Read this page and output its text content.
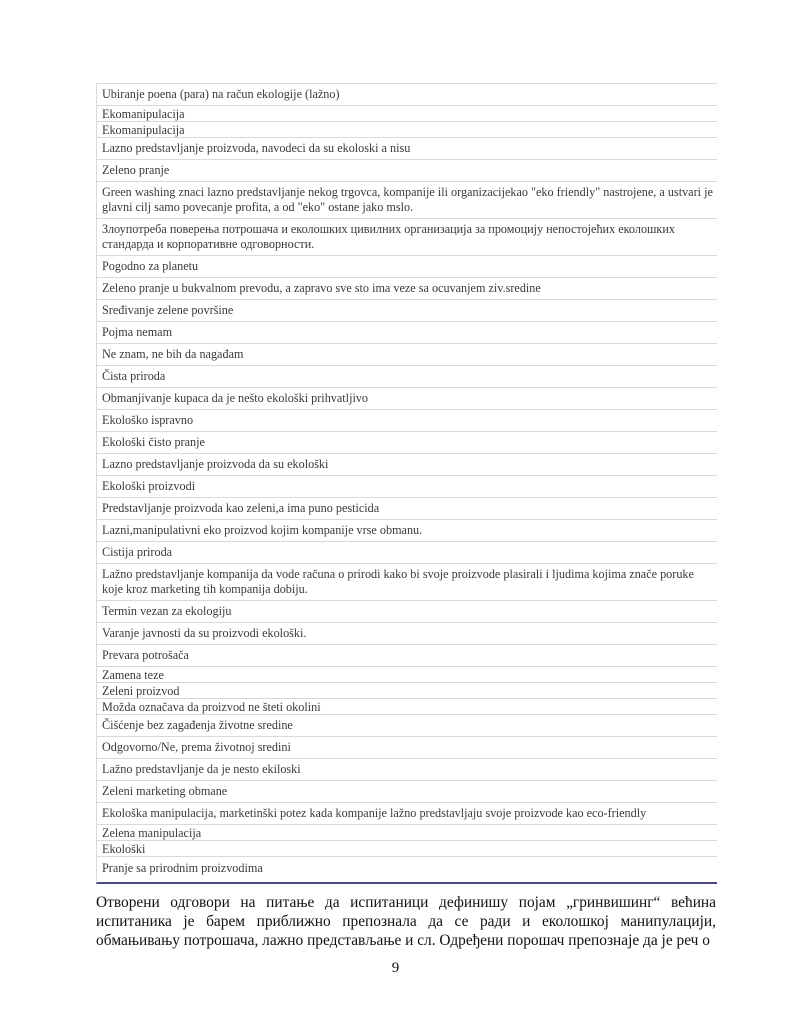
Ubiranje poena (para) na račun ekologije (lažno)
Ekomanipulacija
Ekomanipulacija
Lazno predstavljanje proizvoda, navodeci da su ekoloski a nisu
Zeleno pranje
Green washing znaci lazno predstavljanje nekog trgovca, kompanije ili organizacijekao "eko friendly" nastrojene, a ustvari je glavni cilj samo povecanje profita, a od "eko" ostane jako mslo.
Злоупотреба поверења потрошача и еколошких цивилних организација за промоцију непостојећих еколошких стандарда и корпоративне одговорности.
Pogodno za planetu
Zeleno pranje u bukvalnom prevodu, a zapravo sve sto ima veze sa ocuvanjem ziv.sredine
Sređivanje zelene površine
Pojma nemam
Ne znam, ne bih da nagađam
Čista priroda
Obmanjivanje kupaca da je nešto ekološki prihvatljivo
Ekološko ispravno
Ekološki čisto pranje
Lazno predstavljanje proizvoda da su ekološki
Ekološki proizvodi
Predstavljanje proizvoda kao zeleni,a ima puno pesticida
Lazni,manipulativni eko proizvod kojim kompanije vrse obmanu.
Cistija priroda
Lažno predstavljanje kompanija da vode računa o prirodi kako bi svoje proizvode plasirali i ljudima kojima znače poruke koje kroz marketing tih kompanija dobiju.
Termin vezan za ekologiju
Varanje javnosti da su proizvodi ekološki.
Prevara potrošača
Zamena teze
Zeleni proizvod
Možda označava da proizvod ne šteti okolini
Čišćenje bez zagađenja životne sredine
Odgovorno/Ne, prema životnoj sredini
Lažno predstavljanje da je nesto ekiloski
Zeleni marketing obmane
Ekološka manipulacija, marketinški potez kada kompanije lažno predstavljaju svoje proizvode kao eco-friendly
Zelena manipulacija
Ekološki
Pranje sa prirodnim proizvodima

Отворени одговори на питање да испитаници дефинишу појам „гринвишинг“ већина испитаника је барем приближно препознала да се ради и еколошкој манипулацији, обмањивању потрошача, лажно представљање и сл. Одређени порошач препознаје да је реч о

9
